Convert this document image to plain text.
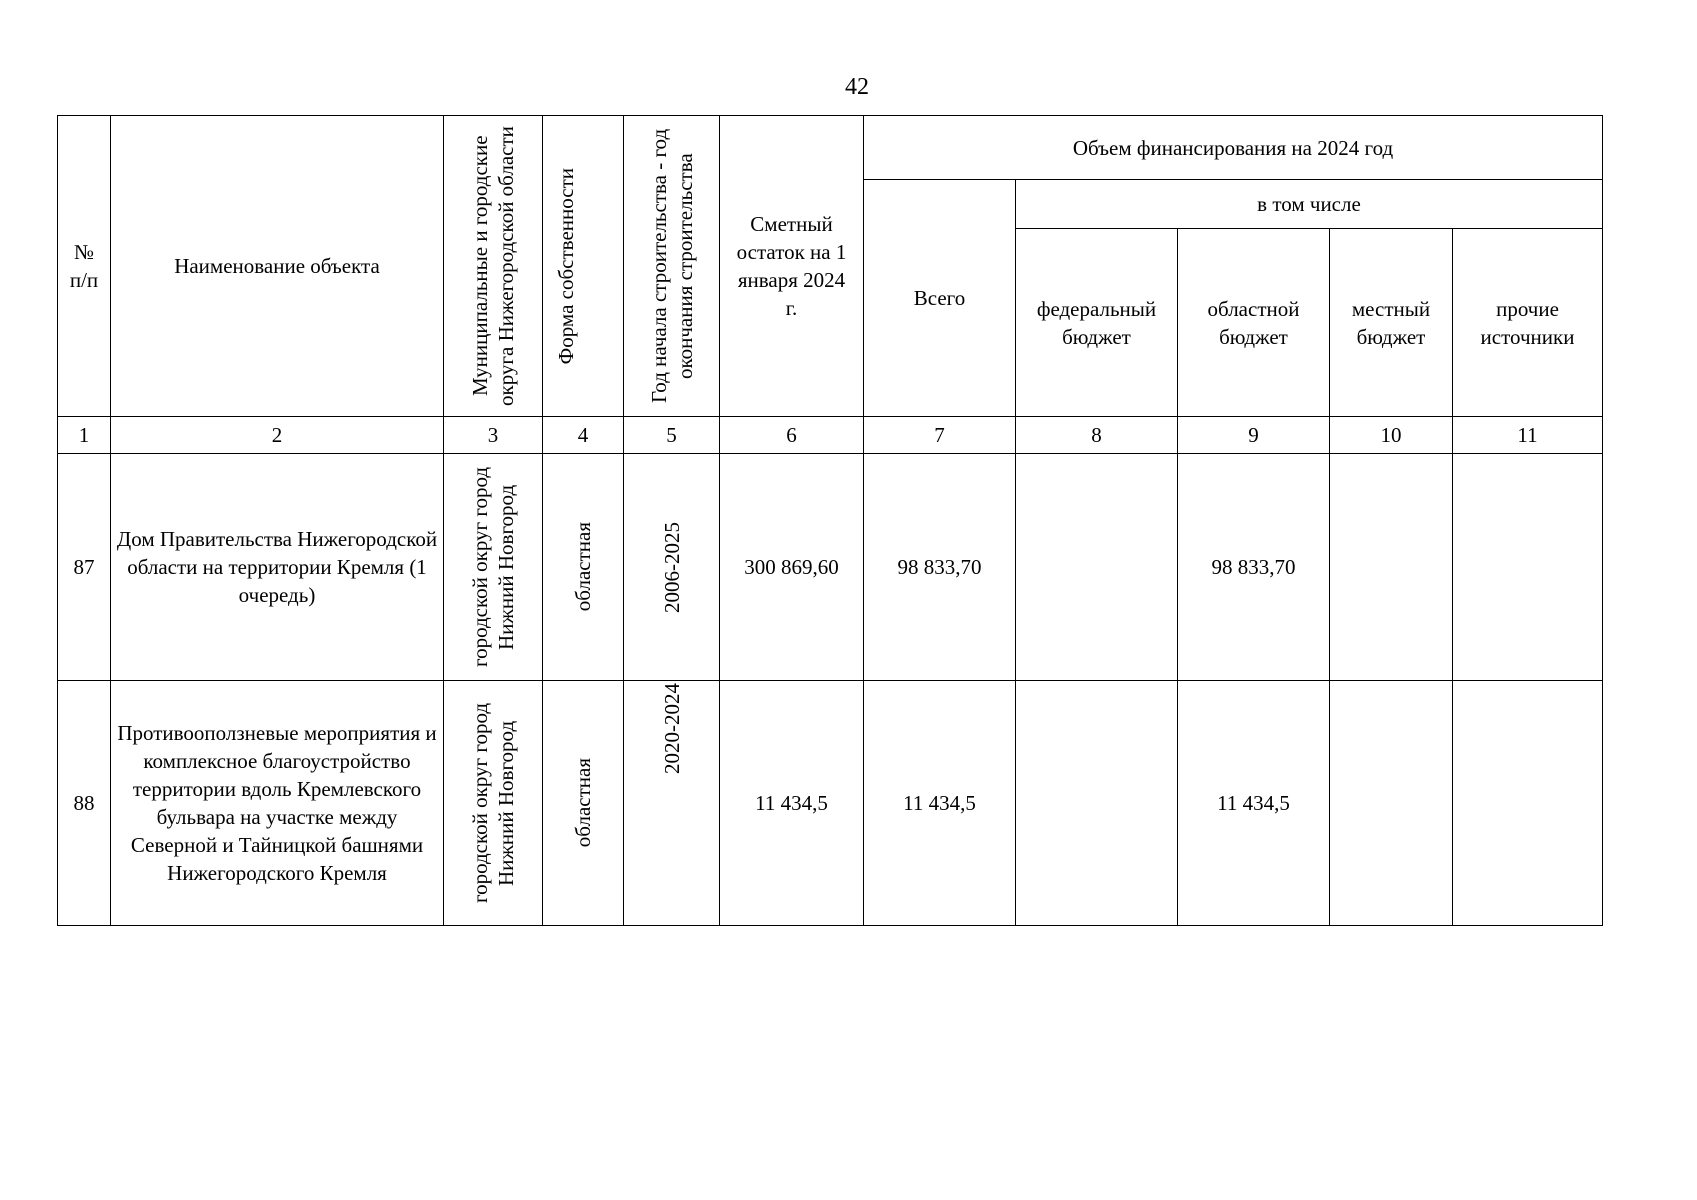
42
№ п/п	Наименование объекта	Муниципальные и городские округа Нижегородской области	Форма собственности	Год начала строительства - год окончания строительства	Сметный остаток на 1 января 2024 г.	Объем финансирования на 2024 год				
						Всего	в том числе			
							федеральный бюджет	областной бюджет	местный бюджет	прочие источники
1	2	3	4	5	6	7	8	9	10	11
87	Дом Правительства Нижегородской области на территории Кремля (1 очередь)	городской округ город Нижний Новгород	областная	2006-2025	300 869,60	98 833,70		98 833,70		
88	Противооползневые мероприятия и комплексное благоустройство территории вдоль Кремлевского бульвара на участке между Северной и Тайницкой башнями Нижегородского Кремля	городской округ город Нижний Новгород	областная	2020-2024	11 434,5	11 434,5		11 434,5		
